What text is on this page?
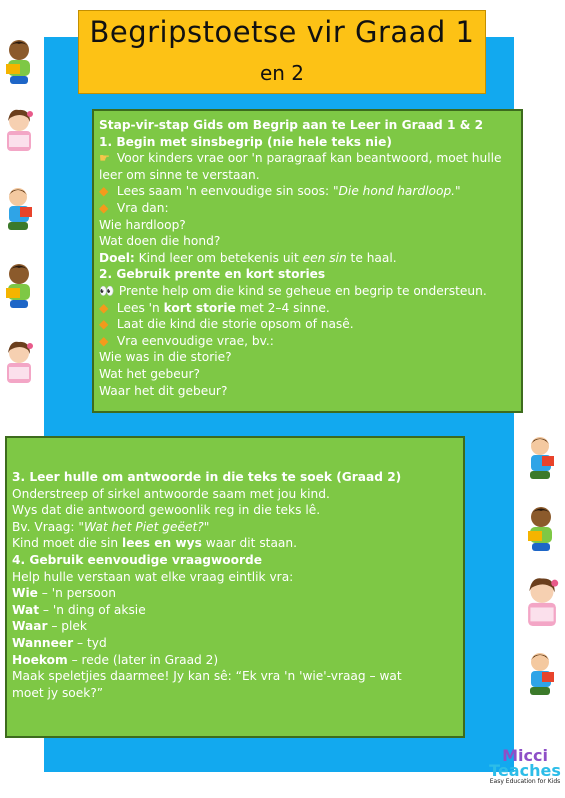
Begripstoetse vir Graad 1
en 2
Stap-vir-stap Gids om Begrip aan te Leer in Graad 1 & 2
1. Begin met sinsbegrip (nie hele teks nie)
☛ Voor kinders vrae oor 'n paragraaf kan beantwoord, moet hulle
leer om sinne te verstaan.
◆ Lees saam 'n eenvoudige sin soos: "Die hond hardloop."
◆ Vra dan:
Wie hardloop?
Wat doen die hond?
Doel: Kind leer om betekenis uit een sin te haal.
2. Gebruik prente en kort stories
👀 Prente help om die kind se geheue en begrip te ondersteun.
◆ Lees 'n kort storie met 2–4 sinne.
◆ Laat die kind die storie opsom of nasê.
◆ Vra eenvoudige vrae, bv.:
Wie was in die storie?
Wat het gebeur?
Waar het dit gebeur?
3. Leer hulle om antwoorde in die teks te soek (Graad 2)
Onderstreep of sirkel antwoorde saam met jou kind.
Wys dat die antwoord gewoonlik reg in die teks lê.
Bv. Vraag: "Wat het Piet geëet?"
Kind moet die sin lees en wys waar dit staan.
4. Gebruik eenvoudige vraagwoorde
Help hulle verstaan wat elke vraag eintlik vra:
Wie – 'n persoon
Wat – 'n ding of aksie
Waar – plek
Wanneer – tyd
Hoekom – rede (later in Graad 2)
Maak speletjies daarmee! Jy kan sê: “Ek vra 'n 'wie'-vraag – wat
moet jy soek?”
Micci
Teaches
Easy Education for Kids
